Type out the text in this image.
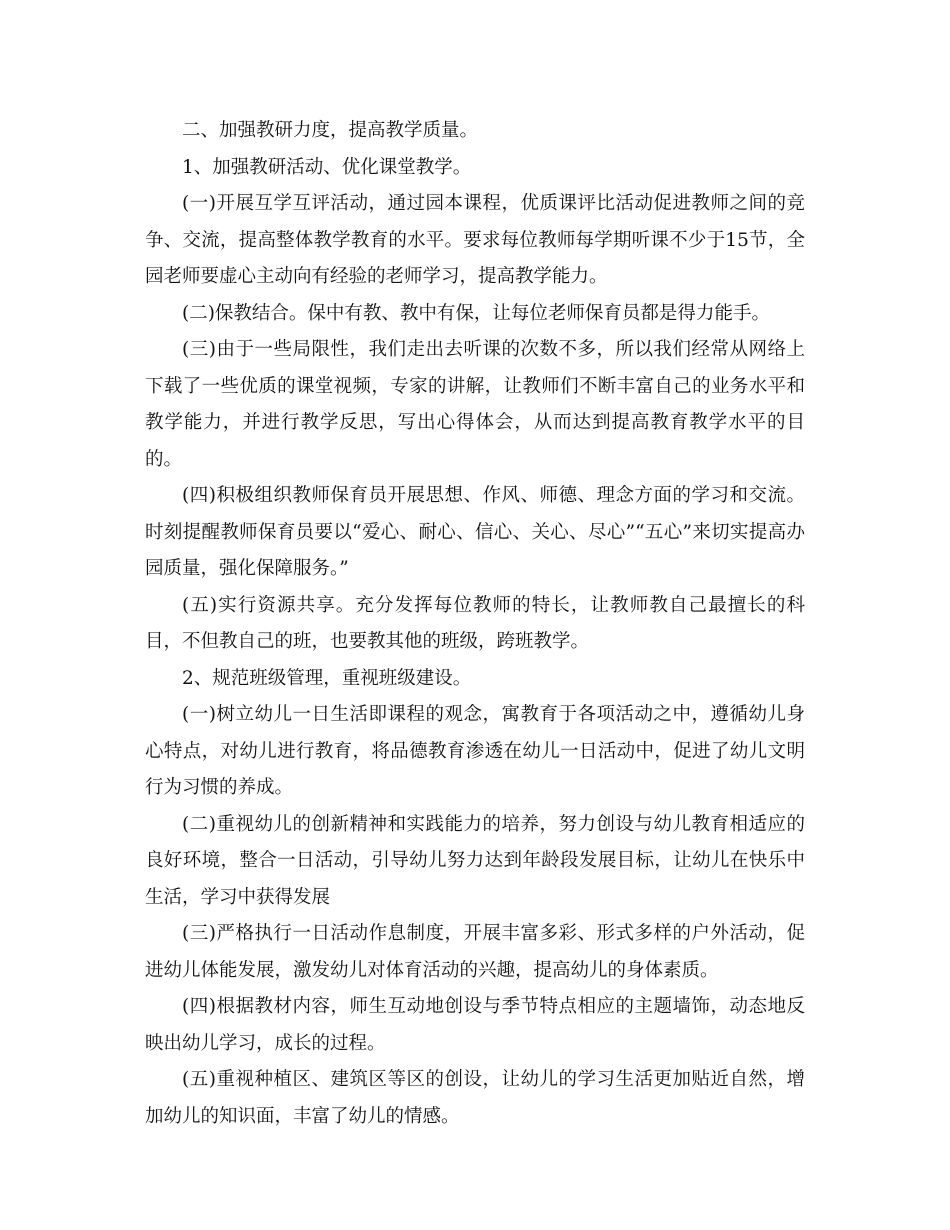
二、加强教研力度，提高教学质量。

1、加强教研活动、优化课堂教学。

(一)开展互学互评活动，通过园本课程，优质课评比活动促进教师之间的竞争、交流，提高整体教学教育的水平。要求每位教师每学期听课不少于15节，全园老师要虚心主动向有经验的老师学习，提高教学能力。

(二)保教结合。保中有教、教中有保，让每位老师保育员都是得力能手。

(三)由于一些局限性，我们走出去听课的次数不多，所以我们经常从网络上下载了一些优质的课堂视频，专家的讲解，让教师们不断丰富自己的业务水平和教学能力，并进行教学反思，写出心得体会，从而达到提高教育教学水平的目的。

(四)积极组织教师保育员开展思想、作风、师德、理念方面的学习和交流。时刻提醒教师保育员要以“爱心、耐心、信心、关心、尽心”“五心”来切实提高办园质量，强化保障服务。”

(五)实行资源共享。充分发挥每位教师的特长，让教师教自己最擅长的科目，不但教自己的班，也要教其他的班级，跨班教学。

2、规范班级管理，重视班级建设。

(一)树立幼儿一日生活即课程的观念，寓教育于各项活动之中，遵循幼儿身心特点，对幼儿进行教育，将品德教育渗透在幼儿一日活动中，促进了幼儿文明行为习惯的养成。

(二)重视幼儿的创新精神和实践能力的培养，努力创设与幼儿教育相适应的良好环境，整合一日活动，引导幼儿努力达到年龄段发展目标，让幼儿在快乐中生活，学习中获得发展

(三)严格执行一日活动作息制度，开展丰富多彩、形式多样的户外活动，促进幼儿体能发展，激发幼儿对体育活动的兴趣，提高幼儿的身体素质。

(四)根据教材内容，师生互动地创设与季节特点相应的主题墙饰，动态地反映出幼儿学习，成长的过程。

(五)重视种植区、建筑区等区的创设，让幼儿的学习生活更加贴近自然，增加幼儿的知识面，丰富了幼儿的情感。
